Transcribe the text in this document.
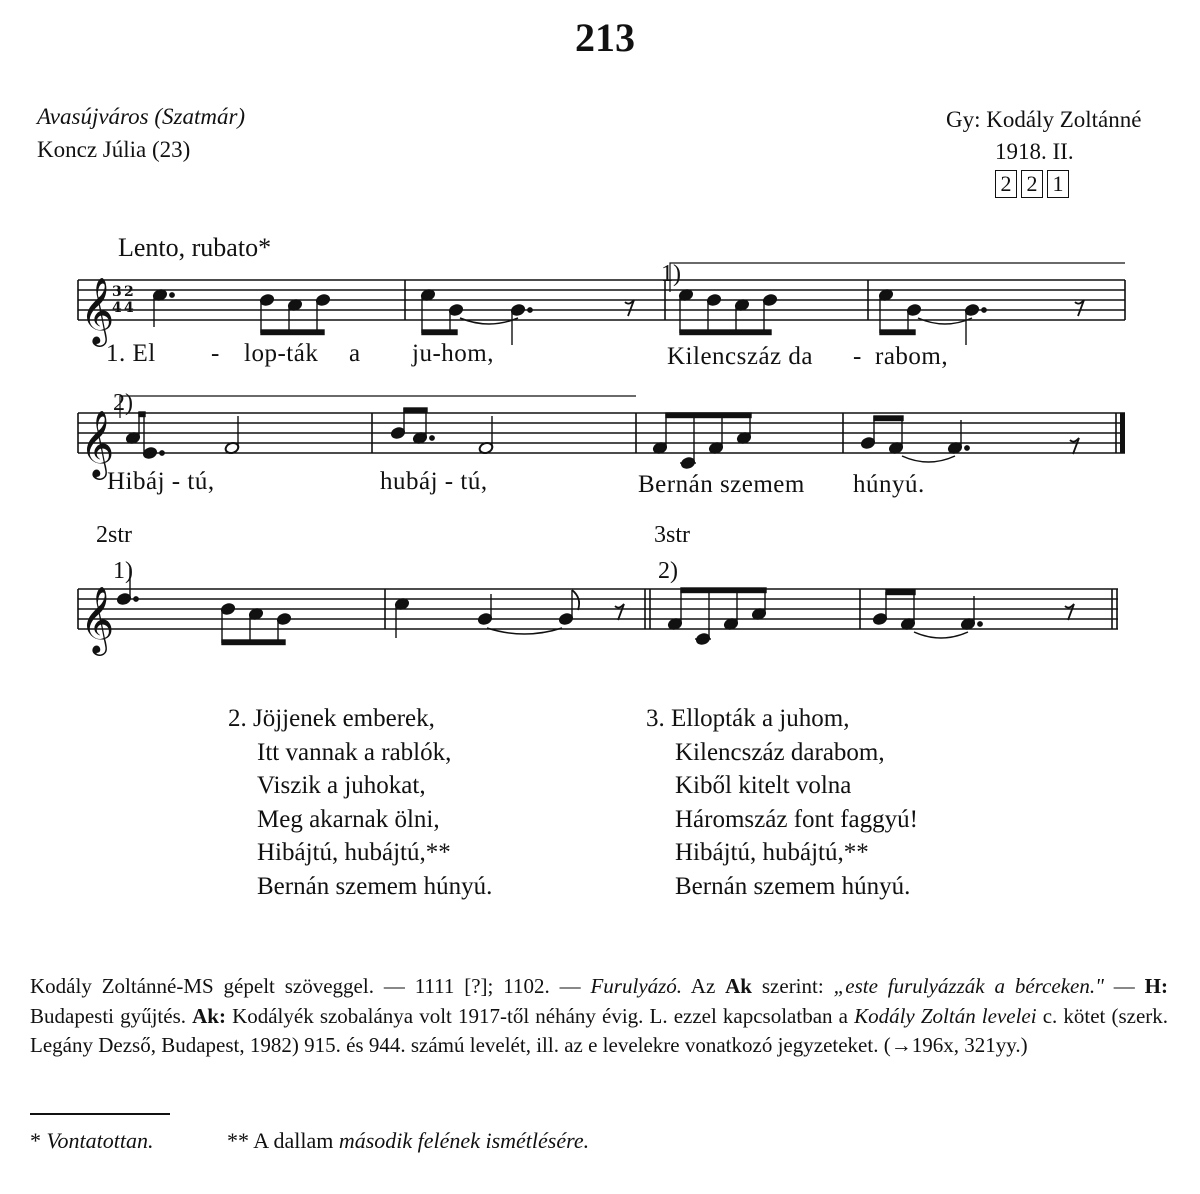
213
Avasújváros (Szatmár)
Koncz Júlia (23)
Gy: Kodály Zoltánné
1918. II.
2 2 1
Lento, rubato*
𝄞
𝄞
𝄞
3
4
2
4
1)
2)
1. El - lop-ták a ju-hom,	Kilencszáz da - rabom,
Hibáj - tú,	hubáj - tú,	Bernán szemem húnyú.
2str	3str
1)	2)
2. Jöjjenek emberek,
Itt vannak a rablók,
Viszik a juhokat,
Meg akarnak ölni,
Hibájtú, hubájtú,**
Bernán szemem húnyú.
3. Ellopták a juhom,
Kilencszáz darabom,
Kiből kitelt volna
Háromszáz font faggyú!
Hibájtú, hubájtú,**
Bernán szemem húnyú.

Kodály Zoltánné-MS gépelt szöveggel. — 1111 [?]; 1102. — Furulyázó. Az Ak szerint: „este furulyázzák a bérceken." — H: Budapesti gyűjtés. Ak: Kodályék szobalánya volt 1917-től néhány évig. L. ezzel kapcsolatban a Kodály Zoltán levelei c. kötet (szerk. Legány Dezső, Budapest, 1982) 915. és 944. számú levelét, ill. az e levelekre vonatkozó jegyzeteket. (→196x, 321yy.)

* Vontatottan.	** A dallam második felének ismétlésére.
